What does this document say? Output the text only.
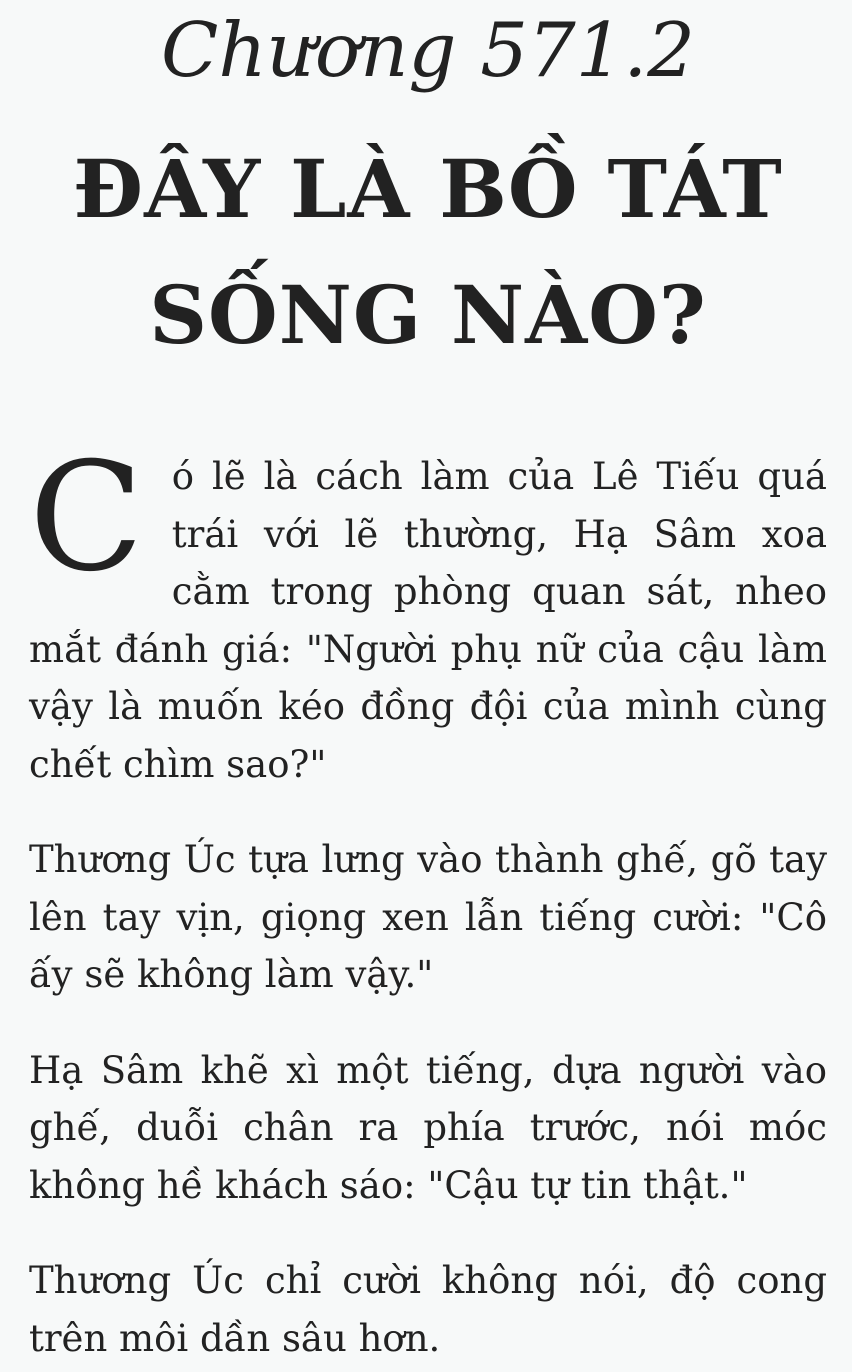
Chương 571.2
ĐÂY LÀ BỒ TÁT SỐNG NÀO?

Có lẽ là cách làm của Lê Tiếu quá trái với lẽ thường, Hạ Sâm xoa cằm trong phòng quan sát, nheo mắt đánh giá: "Người phụ nữ của cậu làm vậy là muốn kéo đồng đội của mình cùng chết chìm sao?"

Thương Úc tựa lưng vào thành ghế, gõ tay lên tay vịn, giọng xen lẫn tiếng cười: "Cô ấy sẽ không làm vậy."

Hạ Sâm khẽ xì một tiếng, dựa người vào ghế, duỗi chân ra phía trước, nói móc không hề khách sáo: "Cậu tự tin thật."

Thương Úc chỉ cười không nói, độ cong trên môi dần sâu hơn.
